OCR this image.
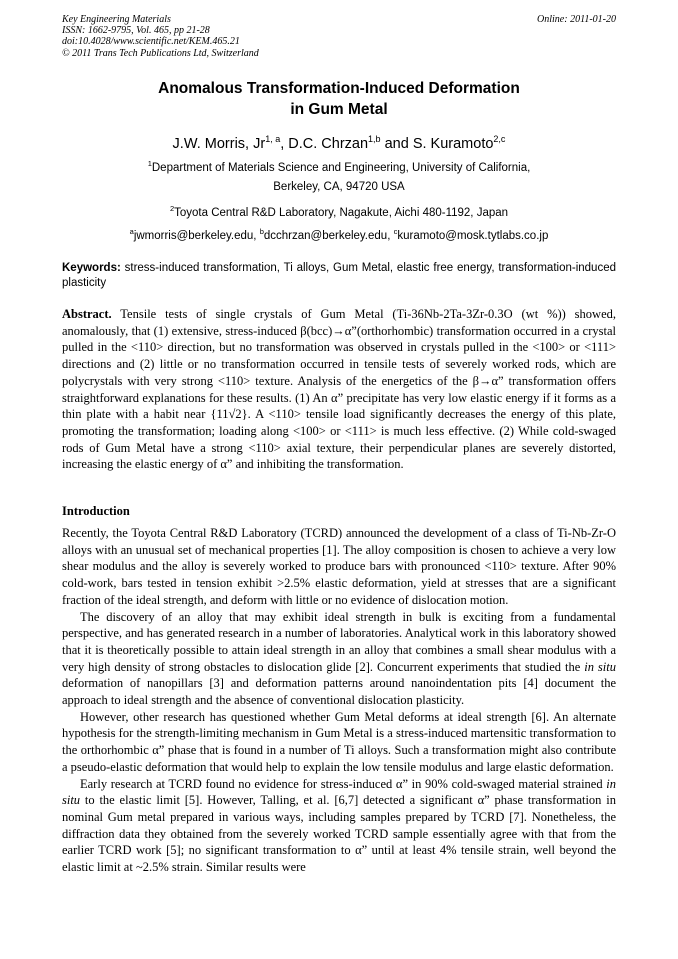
Key Engineering Materials
ISSN: 1662-9795, Vol. 465, pp 21-28
doi:10.4028/www.scientific.net/KEM.465.21
© 2011 Trans Tech Publications Ltd, Switzerland
Online: 2011-01-20
Anomalous Transformation-Induced Deformation
in Gum Metal
J.W. Morris, Jr$^{1, a}$, D.C. Chrzan$^{1,b}$ and S. Kuramoto$^{2,c}$
$^1$Department of Materials Science and Engineering, University of California,
Berkeley, CA, 94720 USA
$^2$Toyota Central R&D Laboratory, Nagakute, Aichi 480-1192, Japan
$^a$jwmorris@berkeley.edu, $^b$dcchrzan@berkeley.edu, $^c$kuramoto@mosk.tytlabs.co.jp
Keywords: stress-induced transformation, Ti alloys, Gum Metal, elastic free energy, transformation-induced plasticity
Abstract. Tensile tests of single crystals of Gum Metal (Ti-36Nb-2Ta-3Zr-0.3O (wt %)) showed, anomalously, that (1) extensive, stress-induced β(bcc)→α”(orthorhombic) transformation occurred in a crystal pulled in the <110> direction, but no transformation was observed in crystals pulled in the <100> or <111> directions and (2) little or no transformation occurred in tensile tests of severely worked rods, which are polycrystals with very strong <110> texture. Analysis of the energetics of the β→α” transformation offers straightforward explanations for these results. (1) An α” precipitate has very low elastic energy if it forms as a thin plate with a habit near {11√2}. A <110> tensile load significantly decreases the energy of this plate, promoting the transformation; loading along <100> or <111> is much less effective. (2) While cold-swaged rods of Gum Metal have a strong <110> axial texture, their perpendicular planes are severely distorted, increasing the elastic energy of α” and inhibiting the transformation.
Introduction

Recently, the Toyota Central R&D Laboratory (TCRD) announced the development of a class of Ti-Nb-Zr-O alloys with an unusual set of mechanical properties [1]. The alloy composition is chosen to achieve a very low shear modulus and the alloy is severely worked to produce bars with pronounced <110> texture. After 90% cold-work, bars tested in tension exhibit >2.5% elastic deformation, yield at stresses that are a significant fraction of the ideal strength, and deform with little or no evidence of dislocation motion.

The discovery of an alloy that may exhibit ideal strength in bulk is exciting from a fundamental perspective, and has generated research in a number of laboratories. Analytical work in this laboratory showed that it is theoretically possible to attain ideal strength in an alloy that combines a small shear modulus with a very high density of strong obstacles to dislocation glide [2]. Concurrent experiments that studied the in situ deformation of nanopillars [3] and deformation patterns around nanoindentation pits [4] document the approach to ideal strength and the absence of conventional dislocation plasticity.

However, other research has questioned whether Gum Metal deforms at ideal strength [6]. An alternate hypothesis for the strength-limiting mechanism in Gum Metal is a stress-induced martensitic transformation to the orthorhombic α” phase that is found in a number of Ti alloys. Such a transformation might also contribute a pseudo-elastic deformation that would help to explain the low tensile modulus and large elastic deformation.

Early research at TCRD found no evidence for stress-induced α” in 90% cold-swaged material strained in situ to the elastic limit [5]. However, Talling, et al. [6,7] detected a significant α” phase transformation in nominal Gum metal prepared in various ways, including samples prepared by TCRD [7]. Nonetheless, the diffraction data they obtained from the severely worked TCRD sample essentially agree with that from the earlier TCRD work [5]; no significant transformation to α” until at least 4% tensile strain, well beyond the elastic limit at ~2.5% strain. Similar results were
